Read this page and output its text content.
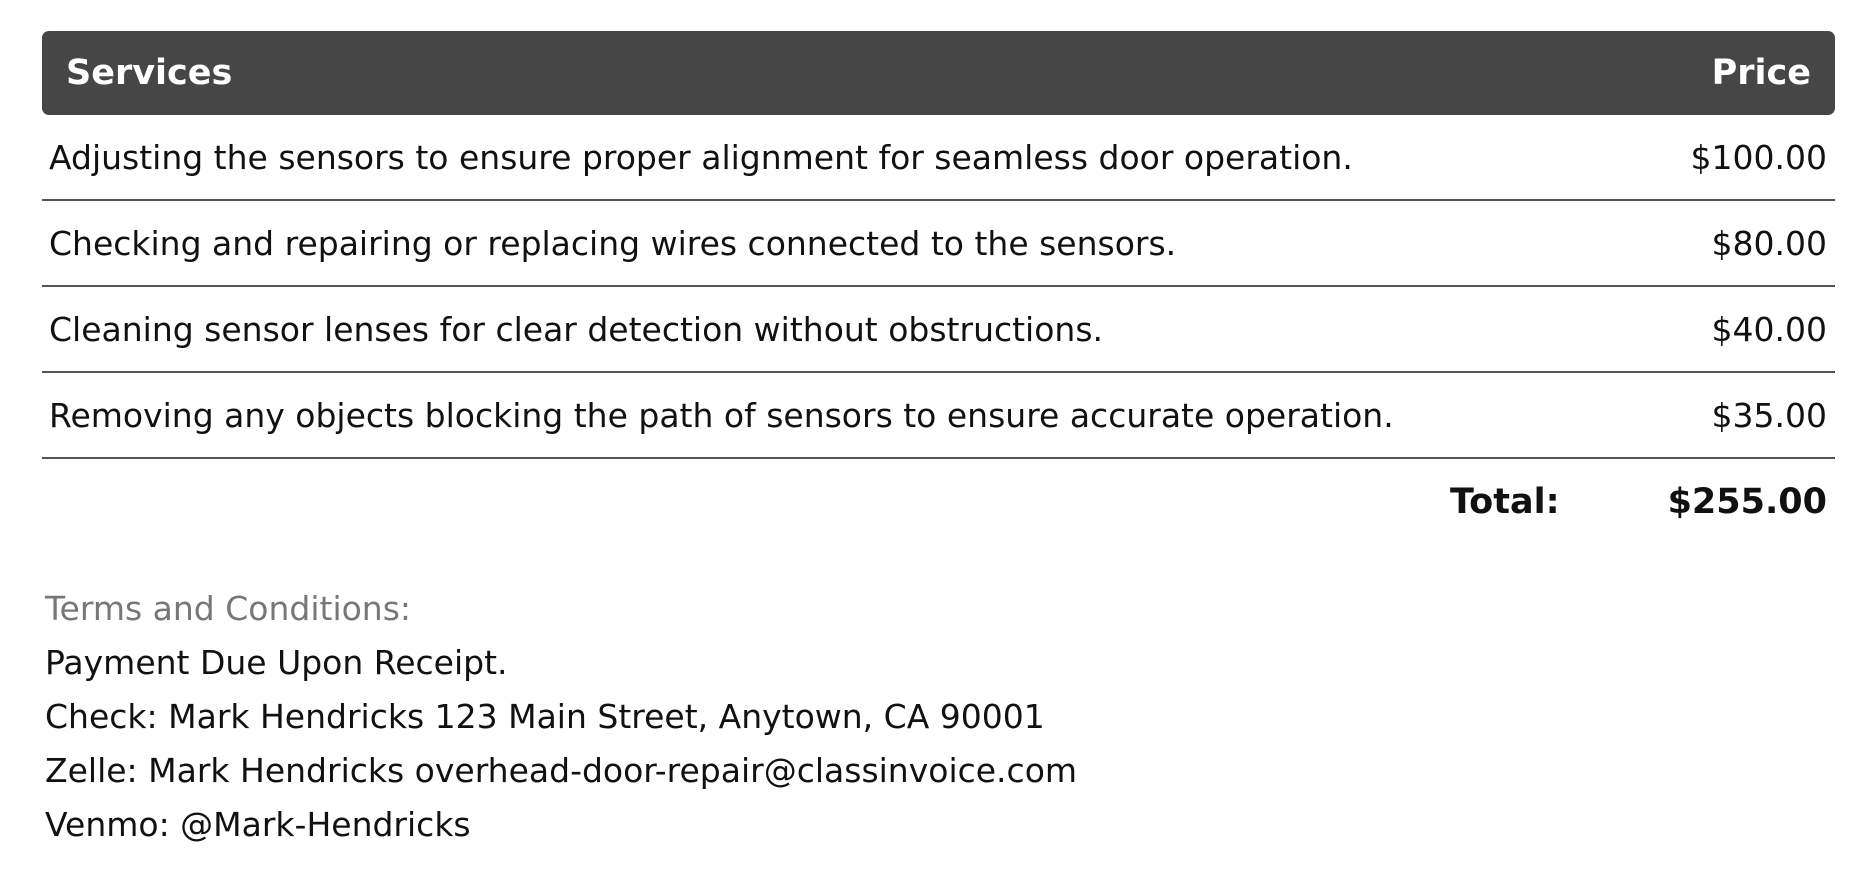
Services	Price
Adjusting the sensors to ensure proper alignment for seamless door operation.	$100.00
Checking and repairing or replacing wires connected to the sensors.	$80.00
Cleaning sensor lenses for clear detection without obstructions.	$40.00
Removing any objects blocking the path of sensors to ensure accurate operation.	$35.00
Total:	$255.00
Terms and Conditions:
Payment Due Upon Receipt.
Check: Mark Hendricks 123 Main Street, Anytown, CA 90001
Zelle: Mark Hendricks overhead-door-repair@classinvoice.com
Venmo: @Mark-Hendricks
